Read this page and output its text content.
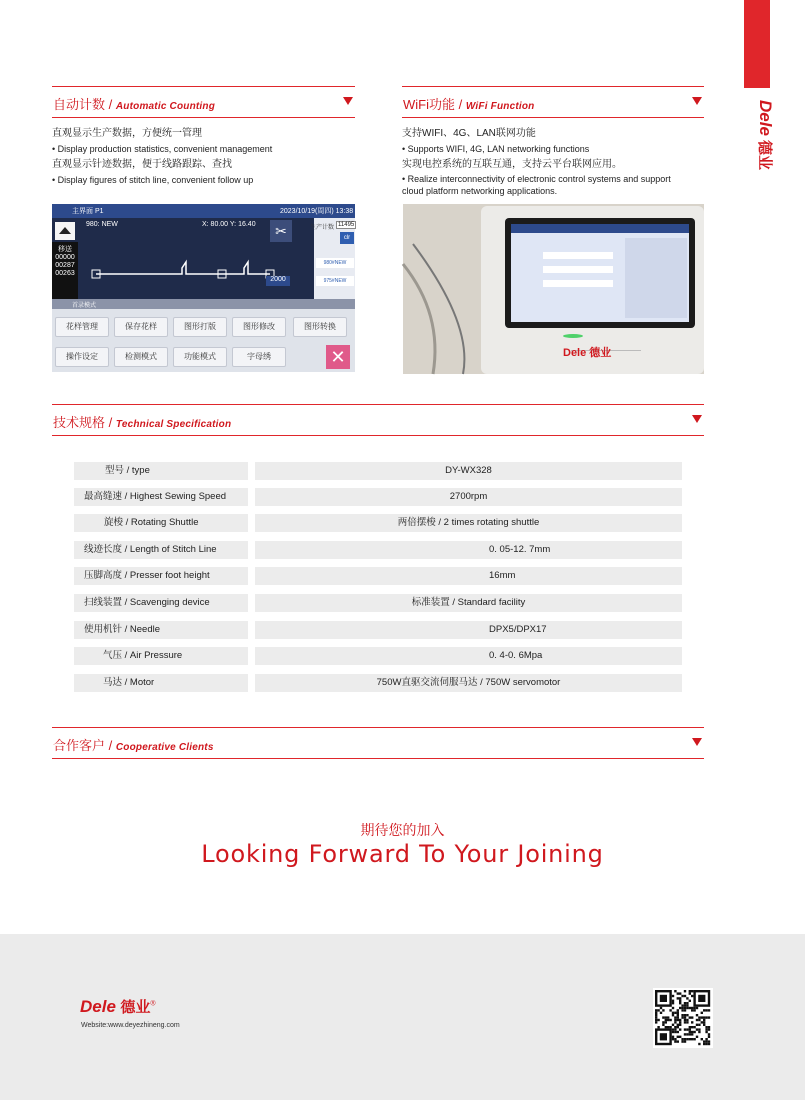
Dele
德业
自动计数 / Automatic Counting
直观显示生产数据，方便统一管理
• Display production statistics, convenient management
直观显示针迹数据，便于线路跟踪、查找
• Display figures of stitch line, convenient follow up
WiFi功能 / WiFi Function
支持WIFI、4G、LAN联网功能
• Supports WIFI, 4G, LAN networking functions
实现电控系统的互联互通，支持云平台联网应用。
• Realize interconnectivity of electronic control systems and support
cloud platform networking applications.
主界面 P1	2023/10/19(周四) 13:38
980: NEW	X: 80.00 Y: 16.40
移送
00000
00287
00263
✂	生产计数 11495
clr
2000
980#NEW
975#NEW
首录模式
花样管理	保存花样	图形打版	图形修改	图形转换
操作设定	检测模式	功能模式	字母绣	✕	Dele 德业
技术规格 / Technical Specification
型号 / type	DY-WX328
最高缝速 / Highest Sewing Speed	2700rpm
旋梭 / Rotating Shuttle	两倍摆梭 / 2 times rotating shuttle
线迹长度 / Length of Stitch Line	0. 05-12. 7mm
压脚高度 / Presser foot height	16mm
扫线装置 / Scavenging device	标准装置 / Standard facility
使用机针 / Needle	DPX5/DPX17
气压 / Air Pressure	0. 4-0. 6Mpa
马达 / Motor	750W直驱交流伺服马达 / 750W servomotor
合作客户 / Cooperative Clients
期待您的加入
Looking Forward To Your Joining
Dele 德业®
Website:www.deyezhineng.com
